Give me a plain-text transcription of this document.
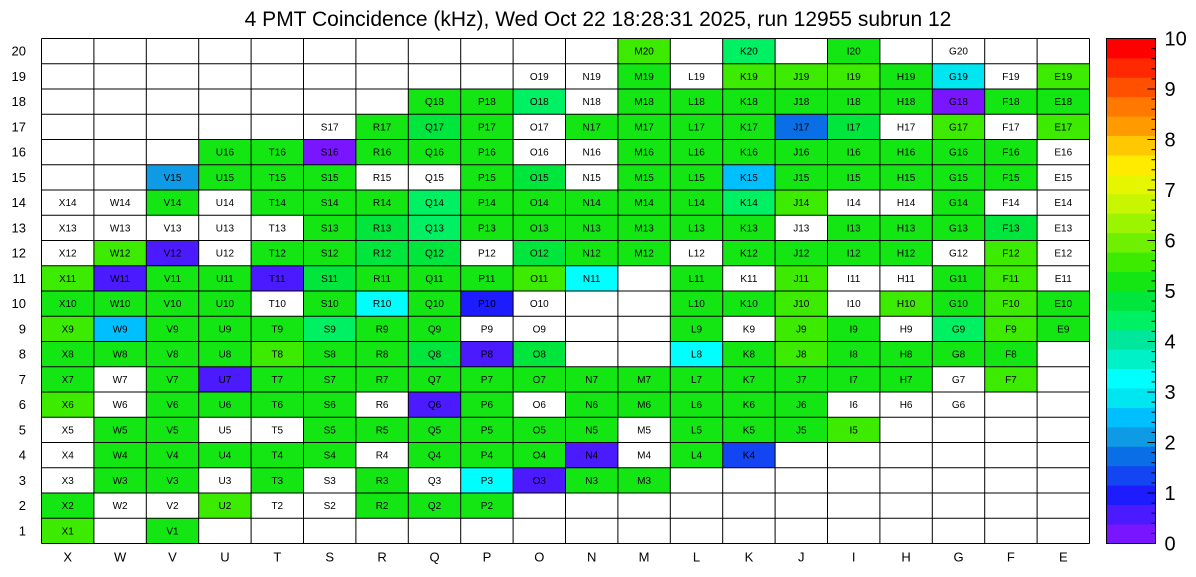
4 PMT Coincidence (kHz), Wed Oct 22 18:28:31 2025, run 12955 subrun 12
M20	K20	I20	G20
O19	N19	M19	L19	K19	J19	I19	H19	G19	F19	E19
Q18	P18	O18	N18	M18	L18	K18	J18	I18	H18	G18	F18	E18
S17	R17	Q17	P17	O17	N17	M17	L17	K17	J17	I17	H17	G17	F17	E17
U16	T16	S16	R16	Q16	P16	O16	N16	M16	L16	K16	J16	I16	H16	G16	F16	E16
V15	U15	T15	S15	R15	Q15	P15	O15	N15	M15	L15	K15	J15	I15	H15	G15	F15	E15
X14	W14	V14	U14	T14	S14	R14	Q14	P14	O14	N14	M14	L14	K14	J14	I14	H14	G14	F14	E14
X13	W13	V13	U13	T13	S13	R13	Q13	P13	O13	N13	M13	L13	K13	J13	I13	H13	G13	F13	E13
X12	W12	V12	U12	T12	S12	R12	Q12	P12	O12	N12	M12	L12	K12	J12	I12	H12	G12	F12	E12
X11	W11	V11	U11	T11	S11	R11	Q11	P11	O11	N11	L11	K11	J11	I11	H11	G11	F11	E11
X10	W10	V10	U10	T10	S10	R10	Q10	P10	O10	L10	K10	J10	I10	H10	G10	F10	E10
X9	W9	V9	U9	T9	S9	R9	Q9	P9	O9	L9	K9	J9	I9	H9	G9	F9	E9
X8	W8	V8	U8	T8	S8	R8	Q8	P8	O8	L8	K8	J8	I8	H8	G8	F8
X7	W7	V7	U7	T7	S7	R7	Q7	P7	O7	N7	M7	L7	K7	J7	I7	H7	G7	F7
X6	W6	V6	U6	T6	S6	R6	Q6	P6	O6	N6	M6	L6	K6	J6	I6	H6	G6
X5	W5	V5	U5	T5	S5	R5	Q5	P5	O5	N5	M5	L5	K5	J5	I5
X4	W4	V4	U4	T4	S4	R4	Q4	P4	O4	N4	M4	L4	K4
X3	W3	V3	U3	T3	S3	R3	Q3	P3	O3	N3	M3
X2	W2	V2	U2	T2	S2	R2	Q2	P2
X1	V1
X	W	V	U	T	S	R	Q	P	O	N	M	L	K	J	I	H	G	F	E
1
2
3
4
5
6
7
8
9
10
11
12
13
14
15
16
17
18
19
20
0
1
2
3
4
5
6
7
8
9
10
